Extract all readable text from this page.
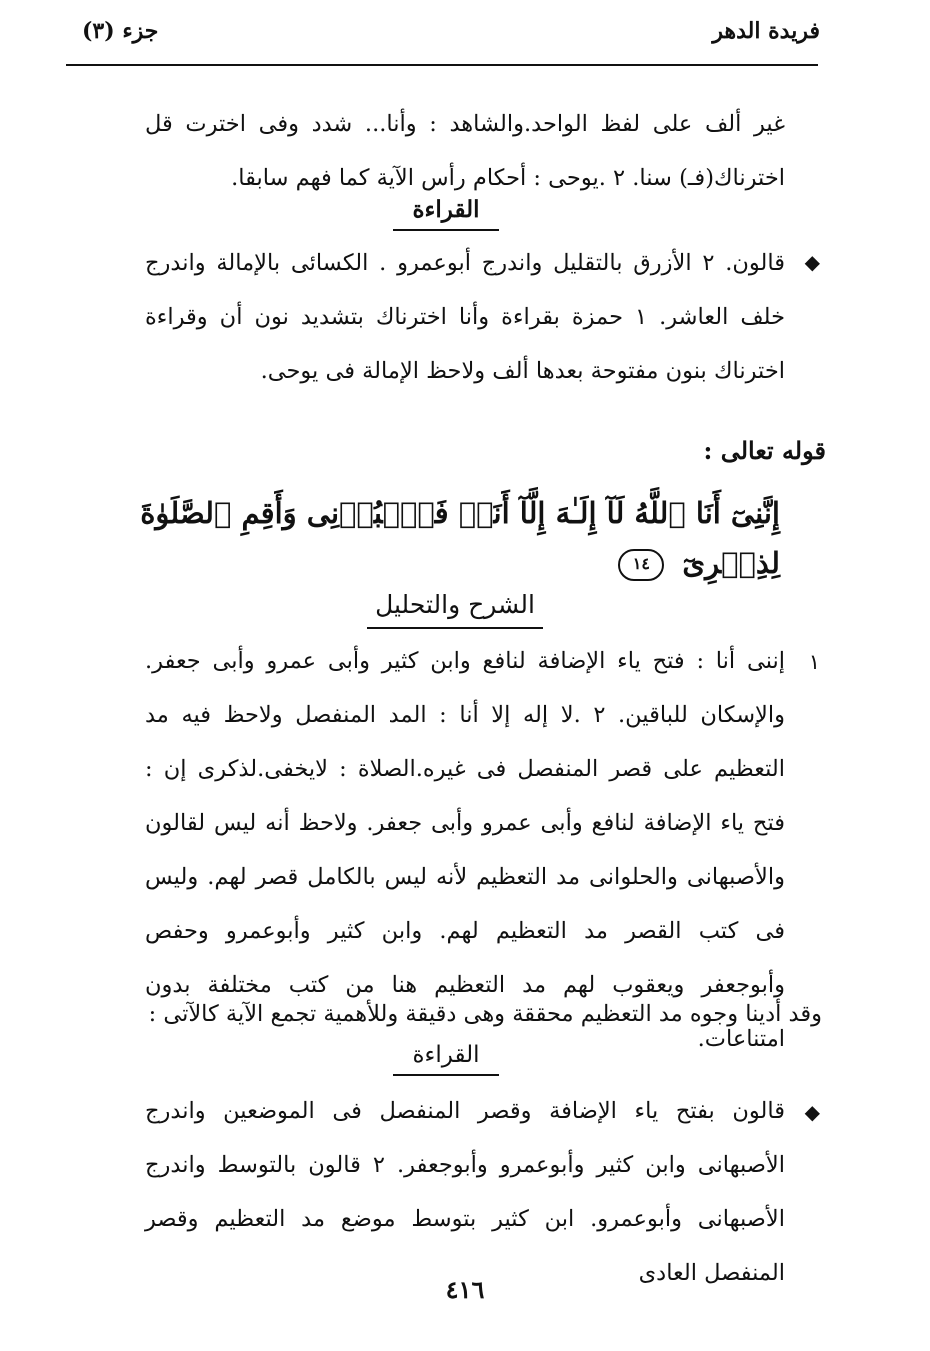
فريدة الدهر
جزء (٣)
غير ألف على لفظ الواحد.والشاهد : وأنا... شدد وفى اخترت قل اخترناك(فـ) سنا. ٢ .يوحى : أحكام رأس الآية كما فهم سابقا.
القراءة
◆
قالون. ٢ الأزرق بالتقليل واندرج أبوعمرو . الكسائى بالإمالة واندرج خلف العاشر. ١ حمزة بقراءة وأنا اخترناك بتشديد نون أن وقراءة اخترناك بنون مفتوحة بعدها ألف ولاحظ الإمالة فى يوحى.
قوله تعالى :
إِنَّنِىٓ أَنَا ٱللَّهُ لَآ إِلَـٰهَ إِلَّآ أَنَا۠ فَٱعۡبُدۡنِى وَأَقِمِ ٱلصَّلَوٰةَ لِذِكۡرِىٓ ١٤
الشرح والتحليل
١
إننى أنا : فتح ياء الإضافة لنافع وابن كثير وأبى عمرو وأبى جعفر. والإسكان للباقين. ٢ .لا إله إلا أنا : المد المنفصل ولاحظ فيه مد التعظيم على قصر المنفصل فى غيره.الصلاة : لايخفى.لذكرى إن : فتح ياء الإضافة لنافع وأبى عمرو وأبى جعفر. ولاحظ أنه ليس لقالون والأصبهانى والحلوانى مد التعظيم لأنه ليس بالكامل قصر لهم. وليس فى كتب القصر مد التعظيم لهم. وابن كثير وأبوعمرو وحفص وأبوجعفر ويعقوب لهم مد التعظيم هنا من كتب مختلفة بدون امتناعات.
وقد أدينا وجوه مد التعظيم محققة وهى دقيقة وللأهمية تجمع الآية كالآتى :
القراءة
◆
قالون بفتح ياء الإضافة وقصر المنفصل فى الموضعين واندرج الأصبهانى وابن كثير وأبوعمرو وأبوجعفر. ٢ قالون بالتوسط واندرج الأصبهانى وأبوعمرو. ابن كثير بتوسط موضع مد التعظيم وقصر المنفصل العادى
٤١٦
